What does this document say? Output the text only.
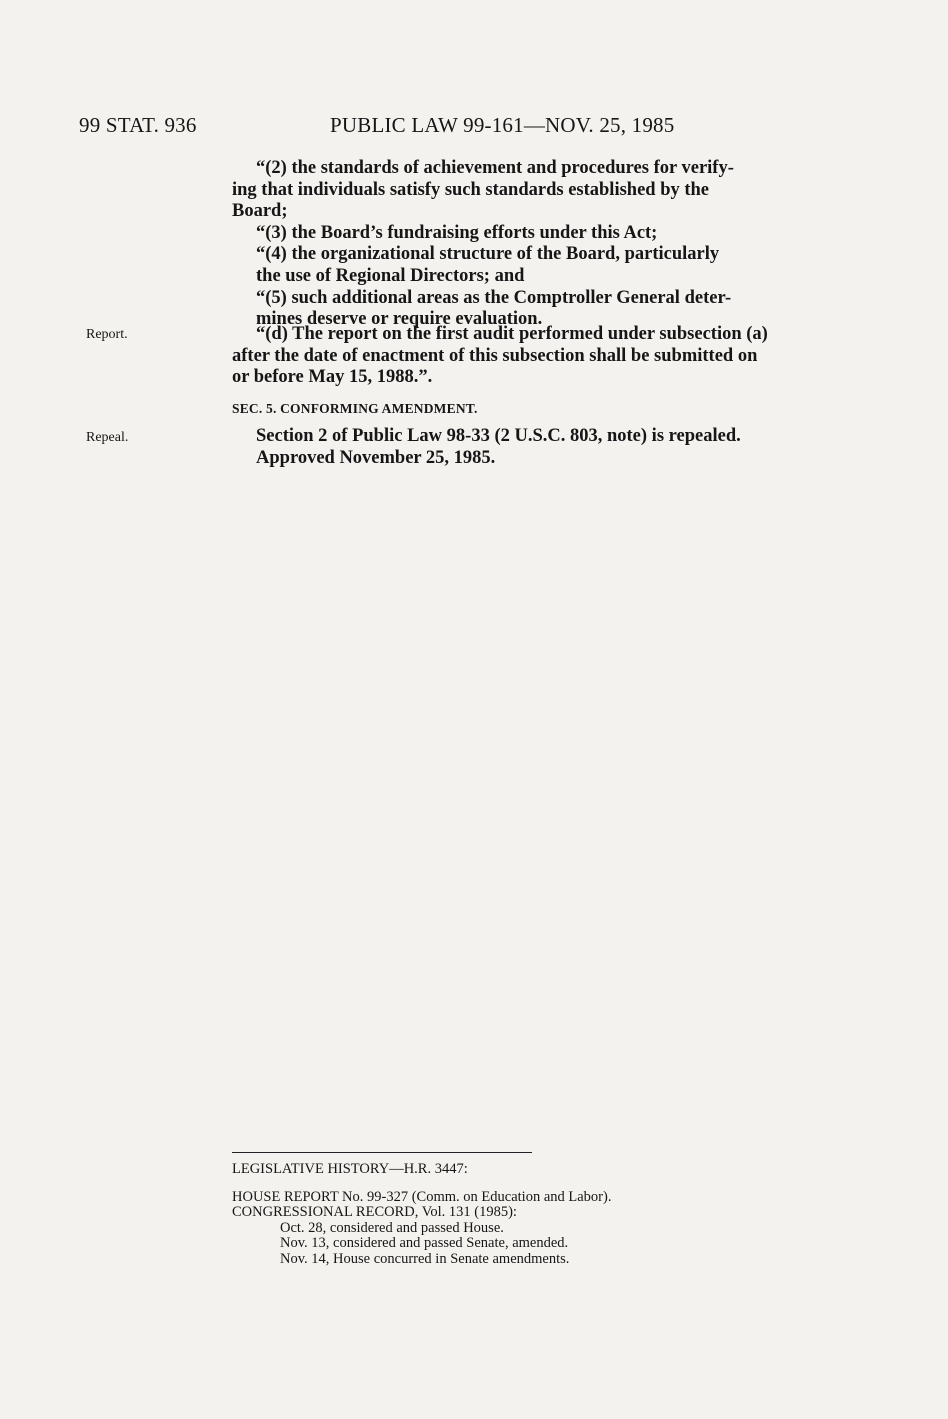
99 STAT. 936	PUBLIC LAW 99-161—NOV. 25, 1985
“(2) the standards of achievement and procedures for verify-
ing that individuals satisfy such standards established by the
Board;
“(3) the Board’s fundraising efforts under this Act;
“(4) the organizational structure of the Board, particularly
the use of Regional Directors; and
“(5) such additional areas as the Comptroller General deter-
mines deserve or require evaluation.
Report.	“(d) The report on the first audit performed under subsection (a)
after the date of enactment of this subsection shall be submitted on
or before May 15, 1988.”.
SEC. 5. CONFORMING AMENDMENT.
Repeal.	Section 2 of Public Law 98-33 (2 U.S.C. 803, note) is repealed.
Approved November 25, 1985.
LEGISLATIVE HISTORY—H.R. 3447:
HOUSE REPORT No. 99-327 (Comm. on Education and Labor).
CONGRESSIONAL RECORD, Vol. 131 (1985):
Oct. 28, considered and passed House.
Nov. 13, considered and passed Senate, amended.
Nov. 14, House concurred in Senate amendments.
